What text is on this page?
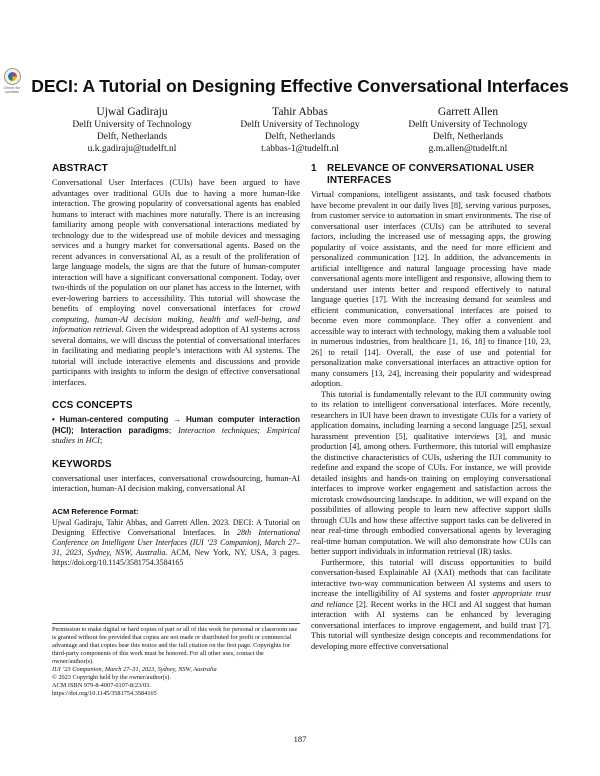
Check for updates DECI: A Tutorial on Designing Effective Conversational Interfaces
Ujwal Gadiraju
Delft University of Technology
Delft, Netherlands
u.k.gadiraju@tudelft.nl
Tahir Abbas
Delft University of Technology
Delft, Netherlands
t.abbas-1@tudelft.nl
Garrett Allen
Delft University of Technology
Delft, Netherlands
g.m.allen@tudelft.nl
ABSTRACT

Conversational User Interfaces (CUIs) have been argued to have advantages over traditional GUIs due to having a more human-like interaction. The growing popularity of conversational agents has enabled humans to interact with machines more naturally. There is an increasing familiarity among people with conversational interactions mediated by technology due to the widespread use of mobile devices and messaging services and a hungry market for conversational agents. Based on the recent advances in conversational AI, as a result of the proliferation of large language models, the signs are that the future of human-computer interaction will have a significant conversational component. Today, over two-thirds of the population on our planet has access to the Internet, with ever-lowering barriers to accessibility. This tutorial will showcase the benefits of employing novel conversational interfaces for crowd computing, human-AI decision making, health and well-being, and information retrieval. Given the widespread adoption of AI systems across several domains, we will discuss the potential of conversational interfaces in facilitating and mediating people’s interactions with AI systems. The tutorial will include interactive elements and discussions and provide participants with insights to inform the design of effective conversational interfaces.

CCS CONCEPTS

• Human-centered computing → Human computer interaction (HCI); Interaction paradigms; Interaction techniques; Empirical studies in HCI;

KEYWORDS

conversational user interfaces, conversational crowdsourcing, human-AI interaction, human-AI decision making, conversational AI

ACM Reference Format:

Ujwal Gadiraju, Tahir Abbas, and Garrett Allen. 2023. DECI: A Tutorial on Designing Effective Conversational Interfaces. In 28th International Conference on Intelligent User Interfaces (IUI ’23 Companion), March 27–31, 2023, Sydney, NSW, Australia. ACM, New York, NY, USA, 3 pages. https://doi.org/10.1145/3581754.3584165

Permission to make digital or hard copies of part or all of this work for personal or classroom use is granted without fee provided that copies are not made or distributed for profit or commercial advantage and that copies bear this notice and the full citation on the first page. Copyrights for third-party components of this work must be honored. For all other uses, contact the owner/author(s).
IUI ’23 Companion, March 27–31, 2023, Sydney, NSW, Australia
© 2023 Copyright held by the owner/author(s).
ACM ISBN 979-8-4007-0107-8/23/03.
https://doi.org/10.1145/3581754.3584165
1	RELEVANCE OF CONVERSATIONAL USER INTERFACES

Virtual companions, intelligent assistants, and task focused chatbots have become prevalent in our daily lives [8], serving various purposes, from customer service to automation in smart environments. The rise of conversational user interfaces (CUIs) can be attributed to several factors, including the increased use of messaging apps, the growing popularity of voice assistants, and the need for more efficient and personalized communication [12]. In addition, the advancements in artificial intelligence and natural language processing have made conversational agents more intelligent and responsive, allowing them to understand user intents better and respond effectively to natural language queries [17]. With the increasing demand for seamless and efficient communication, conversational interfaces are poised to become even more commonplace. They offer a convenient and accessible way to interact with technology, making them a valuable tool in numerous industries, from healthcare [1, 16, 18] to finance [10, 23, 26] to retail [14]. Overall, the ease of use and potential for personalization make conversational interfaces an attractive option for many consumers [13, 24], increasing their popularity and widespread adoption.

This tutorial is fundamentally relevant to the IUI community owing to its relation to intelligent conversational interfaces. More recently, researchers in IUI have been drawn to investigate CUIs for a variety of application domains, including learning a second language [25], sexual harassment prevention [5], qualitative interviews [3], and music production [4], among others. Furthermore, this tutorial will emphasize the distinctive characteristics of CUIs, ushering the IUI community to redefine and expand the scope of CUIs. For instance, we will provide detailed insights and hands-on training on employing conversational interfaces to improve worker engagement and satisfaction across the microtask crowdsourcing landscape. In addition, we will expand on the possibilities of allowing people to learn new affective support skills through CUIs and how these affective support tasks can be delivered in near real-time through embodied conversational agents by leveraging real-time human computation. We will also demonstrate how CUIs can better support individuals in information retrieval (IR) tasks.

Furthermore, this tutorial will discuss opportunities to build conversation-based Explainable AI (XAI) methods that can facilitate interactive two-way communication between AI systems and users to increase the intelligibility of AI systems and foster appropriate trust and reliance [2]. Recent works in the HCI and AI suggest that human interaction with AI systems can be enhanced by leveraging conversational interfaces to improve engagement, and build trust [7]. This tutorial will synthesize design concepts and recommendations for developing more effective conversational

187
